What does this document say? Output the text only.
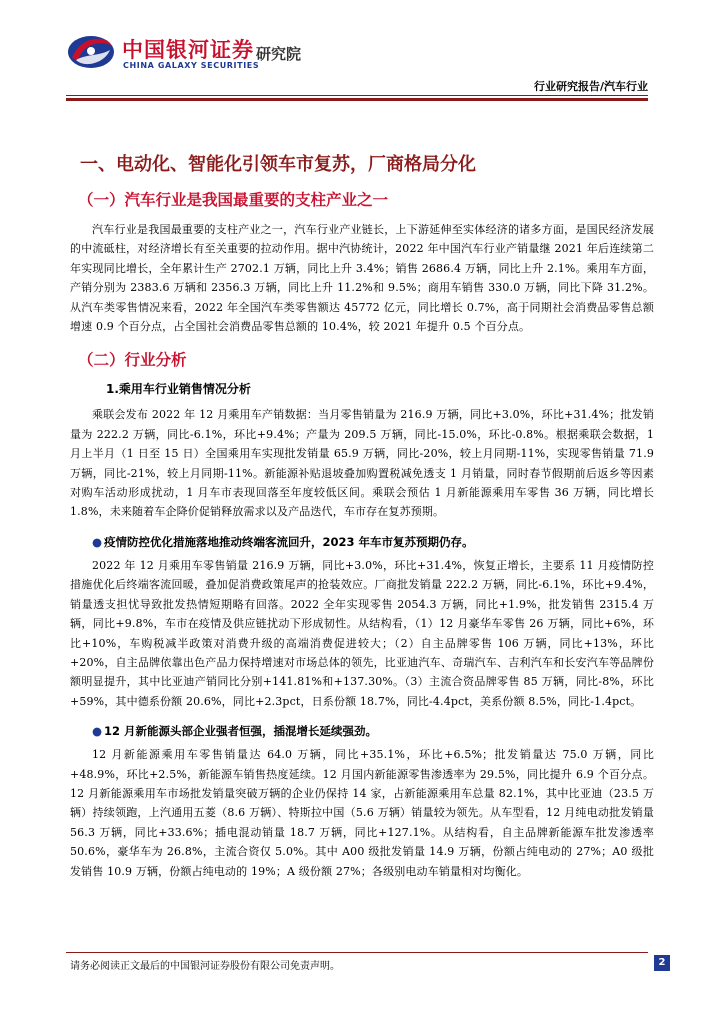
中国银河证券
CHINA GALAXY SECURITIES
研究院
行业研究报告/汽车行业
一、电动化、智能化引领车市复苏，厂商格局分化
（一）汽车行业是我国最重要的支柱产业之一

汽车行业是我国最重要的支柱产业之一，汽车行业产业链长，上下游延伸至实体经济的诸多方面，是国民经济发展的中流砥柱，对经济增长有至关重要的拉动作用。据中汽协统计，2022 年中国汽车行业产销量继 2021 年后连续第二年实现同比增长，全年累计生产 2702.1 万辆，同比上升 3.4%；销售 2686.4 万辆，同比上升 2.1%。乘用车方面，产销分别为 2383.6 万辆和 2356.3 万辆，同比上升 11.2%和 9.5%；商用车销售 330.0 万辆，同比下降 31.2%。从汽车类零售情况来看，2022 年全国汽车类零售额达 45772 亿元，同比增长 0.7%，高于同期社会消费品零售总额增速 0.9 个百分点，占全国社会消费品零售总额的 10.4%，较 2021 年提升 0.5 个百分点。

（二）行业分析
1.乘用车行业销售情况分析

乘联会发布 2022 年 12 月乘用车产销数据：当月零售销量为 216.9 万辆，同比+3.0%，环比+31.4%；批发销量为 222.2 万辆，同比-6.1%，环比+9.4%；产量为 209.5 万辆，同比-15.0%，环比-0.8%。根据乘联会数据，1 月上半月（1 日至 15 日）全国乘用车实现批发销量 65.9 万辆，同比-20%，较上月同期-11%，实现零售销量 71.9 万辆，同比-21%，较上月同期-11%。新能源补贴退坡叠加购置税减免透支 1 月销量，同时春节假期前后返乡等因素对购车活动形成扰动，1 月车市表现回落至年度较低区间。乘联会预估 1 月新能源乘用车零售 36 万辆，同比增长 1.8%，未来随着车企降价促销释放需求以及产品迭代，车市存在复苏预期。

● 疫情防控优化措施落地推动终端客流回升，2023 年车市复苏预期仍存。

2022 年 12 月乘用车零售销量 216.9 万辆，同比+3.0%，环比+31.4%，恢复正增长，主要系 11 月疫情防控措施优化后终端客流回暖，叠加促消费政策尾声的抢装效应。厂商批发销量 222.2 万辆，同比-6.1%，环比+9.4%，销量透支担忧导致批发热情短期略有回落。2022 全年实现零售 2054.3 万辆，同比+1.9%，批发销售 2315.4 万辆，同比+9.8%，车市在疫情及供应链扰动下形成韧性。从结构看，（1）12 月豪华车零售 26 万辆，同比+6%，环比+10%，车购税减半政策对消费升级的高端消费促进较大；（2）自主品牌零售 106 万辆，同比+13%，环比+20%，自主品牌依靠出色产品力保持增速对市场总体的领先，比亚迪汽车、奇瑞汽车、吉利汽车和长安汽车等品牌份额明显提升，其中比亚迪产销同比分别+141.81%和+137.30%。（3）主流合资品牌零售 85 万辆，同比-8%，环比+59%，其中德系份额 20.6%，同比+2.3pct，日系份额 18.7%，同比-4.4pct，美系份额 8.5%，同比-1.4pct。

● 12 月新能源头部企业强者恒强，插混增长延续强劲。

12 月新能源乘用车零售销量达 64.0 万辆，同比+35.1%，环比+6.5%；批发销量达 75.0 万辆，同比+48.9%，环比+2.5%，新能源车销售热度延续。12 月国内新能源零售渗透率为 29.5%，同比提升 6.9 个百分点。12 月新能源乘用车市场批发销量突破万辆的企业仍保持 14 家，占新能源乘用车总量 82.1%，其中比亚迪（23.5 万辆）持续领跑，上汽通用五菱（8.6 万辆）、特斯拉中国（5.6 万辆）销量较为领先。从车型看，12 月纯电动批发销量 56.3 万辆，同比+33.6%；插电混动销量 18.7 万辆，同比+127.1%。从结构看，自主品牌新能源车批发渗透率 50.6%，豪华车为 26.8%，主流合资仅 5.0%。其中 A00 级批发销量 14.9 万辆，份额占纯电动的 27%；A0 级批发销售 10.9 万辆，份额占纯电动的 19%；A 级份额 27%；各级别电动车销量相对均衡化。

请务必阅读正文最后的中国银河证券股份有限公司免责声明。	2
